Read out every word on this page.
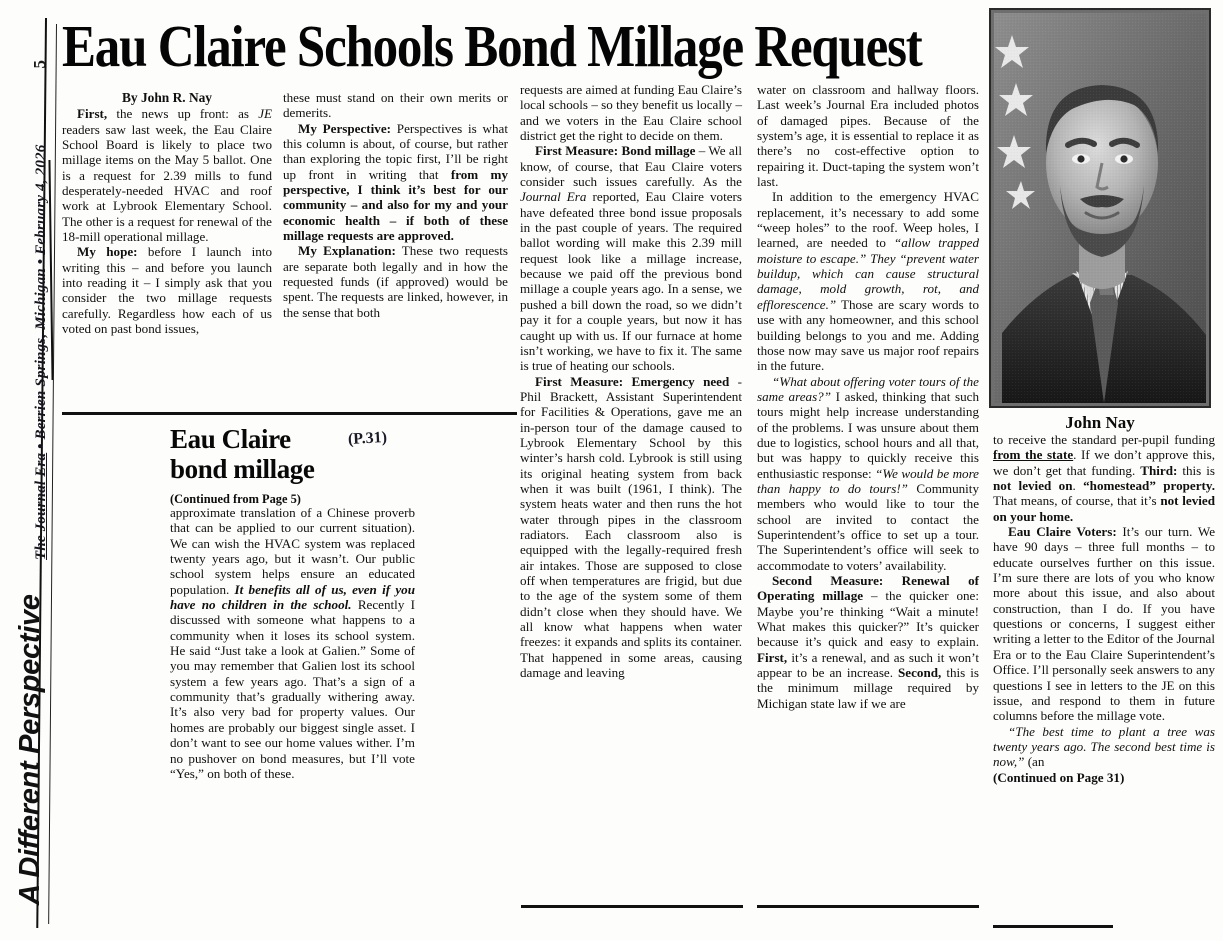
5
The Journal Era • Berrien Springs, Michigan • February 4, 2026
A Different Perspective
Eau Claire Schools Bond Millage Request
By John R. Nay

First, the news up front: as JE readers saw last week, the Eau Claire School Board is likely to place two millage items on the May 5 ballot. One is a request for 2.39 mills to fund desperately-needed HVAC and roof work at Lybrook Elementary School. The other is a request for renewal of the 18-mill operational millage.

My hope: before I launch into writing this – and before you launch into reading it – I simply ask that you consider the two millage requests carefully. Regardless how each of us voted on past bond issues,

these must stand on their own merits or demerits.

My Perspective: Perspectives is what this column is about, of course, but rather than exploring the topic first, I’ll be right up front in writing that from my perspective, I think it’s best for our community – and also for my and your economic health – if both of these millage requests are approved.

My Explanation: These two requests are separate both legally and in how the requested funds (if approved) would be spent. The requests are linked, however, in the sense that both

Eau Claire
bond millage
(P.31)
(Continued from Page 5)

approximate translation of a Chinese proverb that can be applied to our current situation). We can wish the HVAC system was replaced twenty years ago, but it wasn’t. Our public school system helps ensure an educated population. It benefits all of us, even if you have no children in the school. Recently I discussed with someone what happens to a community when it loses its school system. He said “Just take a look at Galien.” Some of you may remember that Galien lost its school system a few years ago. That’s a sign of a community that’s gradually withering away. It’s also very bad for property values. Our homes are probably our biggest single asset. I don’t want to see our home values wither. I’m no pushover on bond measures, but I’ll vote “Yes,” on both of these.

requests are aimed at funding Eau Claire’s local schools – so they benefit us locally – and we voters in the Eau Claire school district get the right to decide on them.

First Measure: Bond millage – We all know, of course, that Eau Claire voters consider such issues carefully. As the Journal Era reported, Eau Claire voters have defeated three bond issue proposals in the past couple of years. The required ballot wording will make this 2.39 mill request look like a millage increase, because we paid off the previous bond millage a couple years ago. In a sense, we pushed a bill down the road, so we didn’t pay it for a couple years, but now it has caught up with us. If our furnace at home isn’t working, we have to fix it. The same is true of heating our schools.

First Measure: Emergency need - Phil Brackett, Assistant Superintendent for Facilities & Operations, gave me an in-person tour of the damage caused to Lybrook Elementary School by this winter’s harsh cold. Lybrook is still using its original heating system from back when it was built (1961, I think). The system heats water and then runs the hot water through pipes in the classroom radiators. Each classroom also is equipped with the legally-required fresh air intakes. Those are supposed to close off when temperatures are frigid, but due to the age of the system some of them didn’t close when they should have. We all know what happens when water freezes: it expands and splits its container. That happened in some areas, causing damage and leaving

water on classroom and hallway floors. Last week’s Journal Era included photos of damaged pipes. Because of the system’s age, it is essential to replace it as there’s no cost-effective option to repairing it. Duct-taping the system won’t last.

In addition to the emergency HVAC replacement, it’s necessary to add some “weep holes” to the roof. Weep holes, I learned, are needed to “allow trapped moisture to escape.” They “prevent water buildup, which can cause structural damage, mold growth, rot, and efflorescence.” Those are scary words to use with any homeowner, and this school building belongs to you and me. Adding those now may save us major roof repairs in the future.

“What about offering voter tours of the same areas?” I asked, thinking that such tours might help increase understanding of the problems. I was unsure about them due to logistics, school hours and all that, but was happy to quickly receive this enthusiastic response: “We would be more than happy to do tours!” Community members who would like to tour the school are invited to contact the Superintendent’s office to set up a tour. The Superintendent’s office will seek to accommodate to voters’ availability.

Second Measure: Renewal of Operating millage – the quicker one: Maybe you’re thinking “Wait a minute! What makes this quicker?” It’s quicker because it’s quick and easy to explain. First, it’s a renewal, and as such it won’t appear to be an increase. Second, this is the minimum millage required by Michigan state law if we are

John Nay

to receive the standard per-pupil funding from the state. If we don’t approve this, we don’t get that funding. Third: this is not levied on. “homestead” property. That means, of course, that it’s not levied on your home.

Eau Claire Voters: It’s our turn. We have 90 days – three full months – to educate ourselves further on this issue. I’m sure there are lots of you who know more about this issue, and also about construction, than I do. If you have questions or concerns, I suggest either writing a letter to the Editor of the Journal Era or to the Eau Claire Superintendent’s Office. I’ll personally seek answers to any questions I see in letters to the JE on this issue, and respond to them in future columns before the millage vote.

“The best time to plant a tree was twenty years ago. The second best time is now,” (an

(Continued on Page 31)
